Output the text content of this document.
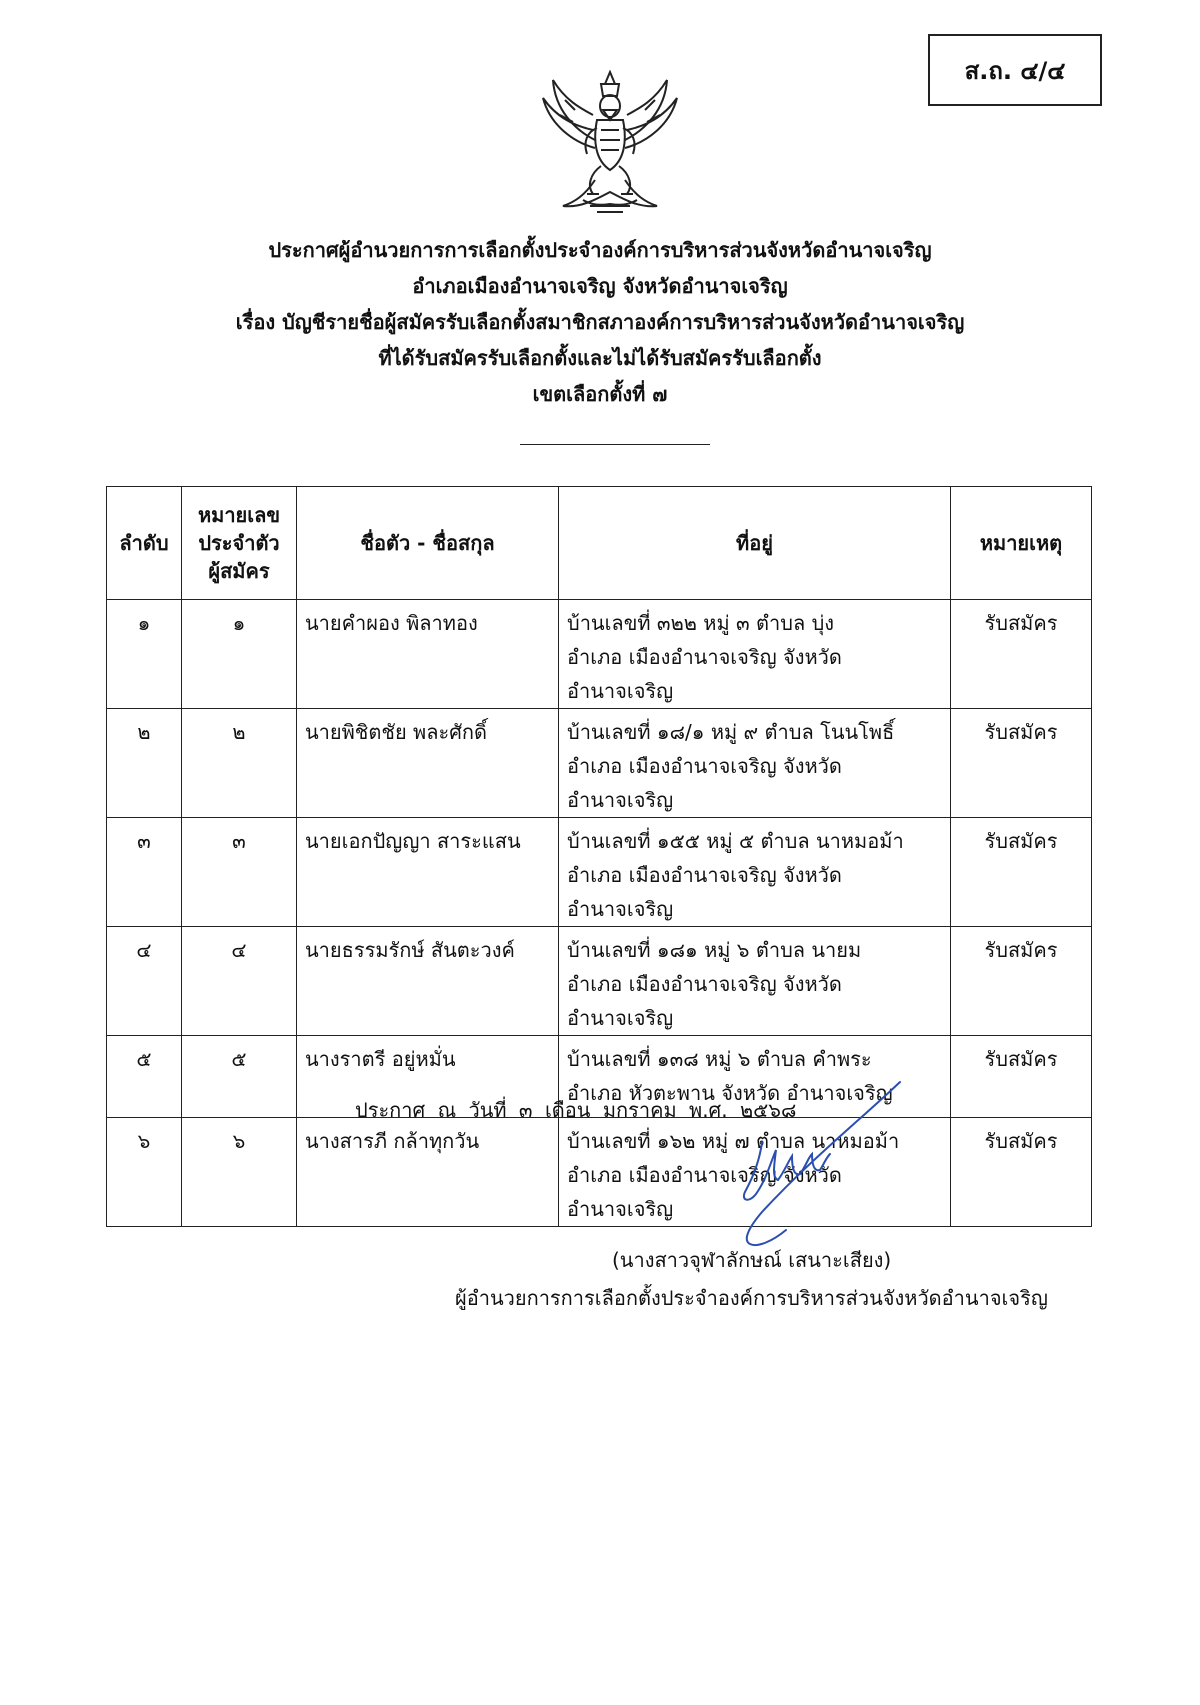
ส.ถ. ๔/๔
ประกาศผู้อำนวยการการเลือกตั้งประจำองค์การบริหารส่วนจังหวัดอำนาจเจริญ
อำเภอเมืองอำนาจเจริญ จังหวัดอำนาจเจริญ
เรื่อง บัญชีรายชื่อผู้สมัครรับเลือกตั้งสมาชิกสภาองค์การบริหารส่วนจังหวัดอำนาจเจริญ
ที่ได้รับสมัครรับเลือกตั้งและไม่ได้รับสมัครรับเลือกตั้ง
เขตเลือกตั้งที่ ๗
ลำดับ	หมายเลข
ประจำตัว
ผู้สมัคร	ชื่อตัว - ชื่อสกุล	ที่อยู่	หมายเหตุ
๑	๑	นายคำผอง พิลาทอง	บ้านเลขที่ ๓๒๒ หมู่ ๓ ตำบล บุ่ง
อำเภอ เมืองอำนาจเจริญ จังหวัด อำนาจเจริญ	รับสมัคร
๒	๒	นายพิชิตชัย พละศักดิ์	บ้านเลขที่ ๑๘/๑ หมู่ ๙ ตำบล โนนโพธิ์
อำเภอ เมืองอำนาจเจริญ จังหวัด อำนาจเจริญ	รับสมัคร
๓	๓	นายเอกปัญญา สาระแสน	บ้านเลขที่ ๑๕๕ หมู่ ๕ ตำบล นาหมอม้า
อำเภอ เมืองอำนาจเจริญ จังหวัด อำนาจเจริญ	รับสมัคร
๔	๔	นายธรรมรักษ์ สันตะวงค์	บ้านเลขที่ ๑๘๑ หมู่ ๖ ตำบล นายม
อำเภอ เมืองอำนาจเจริญ จังหวัด อำนาจเจริญ	รับสมัคร
๕	๕	นางราตรี อยู่หมั่น	บ้านเลขที่ ๑๓๘ หมู่ ๖ ตำบล คำพระ
อำเภอ หัวตะพาน จังหวัด อำนาจเจริญ	รับสมัคร
๖	๖	นางสารภี กล้าทุกวัน	บ้านเลขที่ ๑๖๒ หมู่ ๗ ตำบล นาหมอม้า
อำเภอ เมืองอำนาจเจริญ จังหวัด อำนาจเจริญ	รับสมัคร
ประกาศ ณ วันที่ ๓ เดือน มกราคม พ.ศ. ๒๕๖๘
(นางสาวจุฬาลักษณ์ เสนาะเสียง)
ผู้อำนวยการการเลือกตั้งประจำองค์การบริหารส่วนจังหวัดอำนาจเจริญ
